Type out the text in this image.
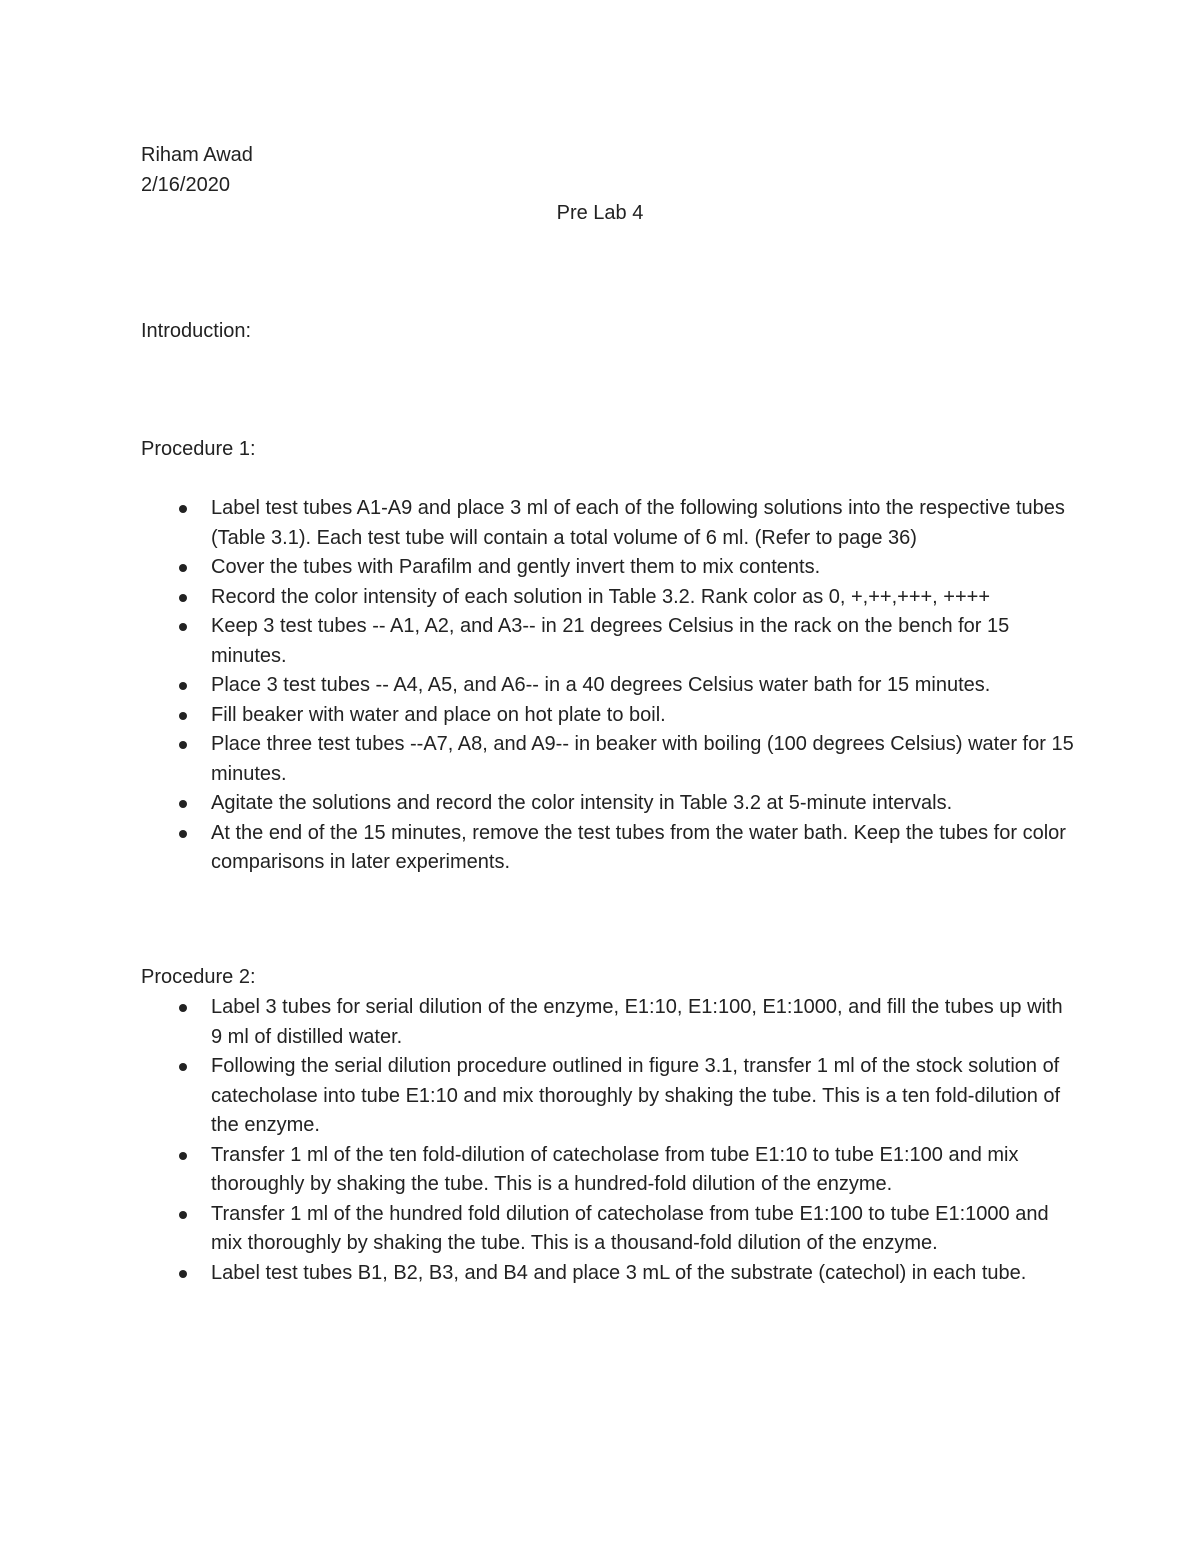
Riham Awad
2/16/2020
Pre Lab 4
Introduction:
Procedure 1:
Label test tubes A1-A9 and place 3 ml of each of the following solutions into the respective tubes (Table 3.1). Each test tube will contain a total volume of 6 ml. (Refer to page 36)
Cover the tubes with Parafilm and gently invert them to mix contents.
Record the color intensity of each solution in Table 3.2. Rank color as 0, +,++,+++, ++++
Keep 3 test tubes -- A1, A2, and A3-- in 21 degrees Celsius in the rack on the bench for 15 minutes.
Place 3 test tubes -- A4, A5, and A6-- in a 40 degrees Celsius water bath for 15 minutes.
Fill beaker with water and place on hot plate to boil.
Place three test tubes --A7, A8, and A9-- in beaker with boiling (100 degrees Celsius) water for 15 minutes.
Agitate the solutions and record the color intensity in Table 3.2 at 5-minute intervals.
At the end of the 15 minutes, remove the test tubes from the water bath. Keep the tubes for color comparisons in later experiments.
Procedure 2:
Label 3 tubes for serial dilution of the enzyme, E1:10, E1:100, E1:1000, and fill the tubes up with 9 ml of distilled water.
Following the serial dilution procedure outlined in figure 3.1, transfer 1 ml of the stock solution of catecholase into tube E1:10 and mix thoroughly by shaking the tube. This is a ten fold-dilution of the enzyme.
Transfer 1 ml of the ten fold-dilution of catecholase from tube E1:10 to tube E1:100 and mix thoroughly by shaking the tube. This is a hundred-fold dilution of the enzyme.
Transfer 1 ml of the hundred fold dilution of catecholase from tube E1:100 to tube E1:1000 and mix thoroughly by shaking the tube. This is a thousand-fold dilution of the enzyme.
Label test tubes B1, B2, B3, and B4 and place 3 mL of the substrate (catechol) in each tube.
